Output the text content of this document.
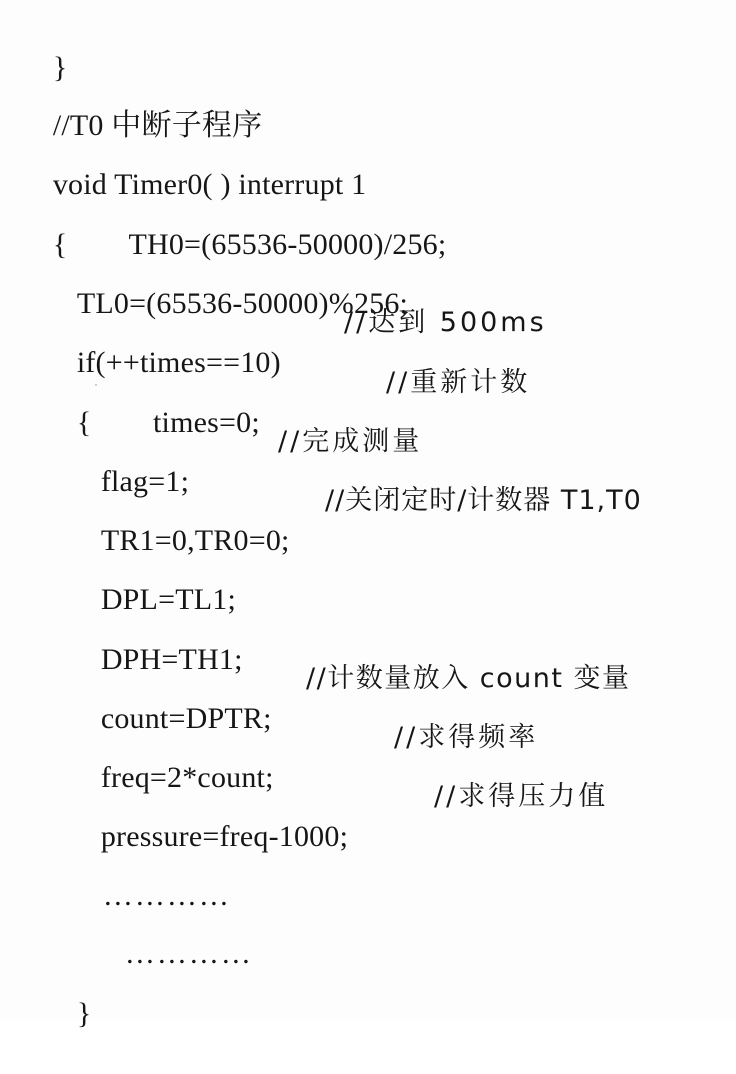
}

//T0 中断子程序

void Timer0( ) interrupt 1

{        TH0=(65536-50000)/256;

TL0=(65536-50000)%256;

if(++times==10)

//达到 500ms

{        times=0;

//重新计数

flag=1;

//完成测量

TR1=0,TR0=0;

//关闭定时/计数器 T1,T0

DPL=TL1;

DPH=TH1;

count=DPTR;

//计数量放入 count 变量

freq=2*count;

//求得频率

pressure=freq-1000;

//求得压力值

…………

…………

}
